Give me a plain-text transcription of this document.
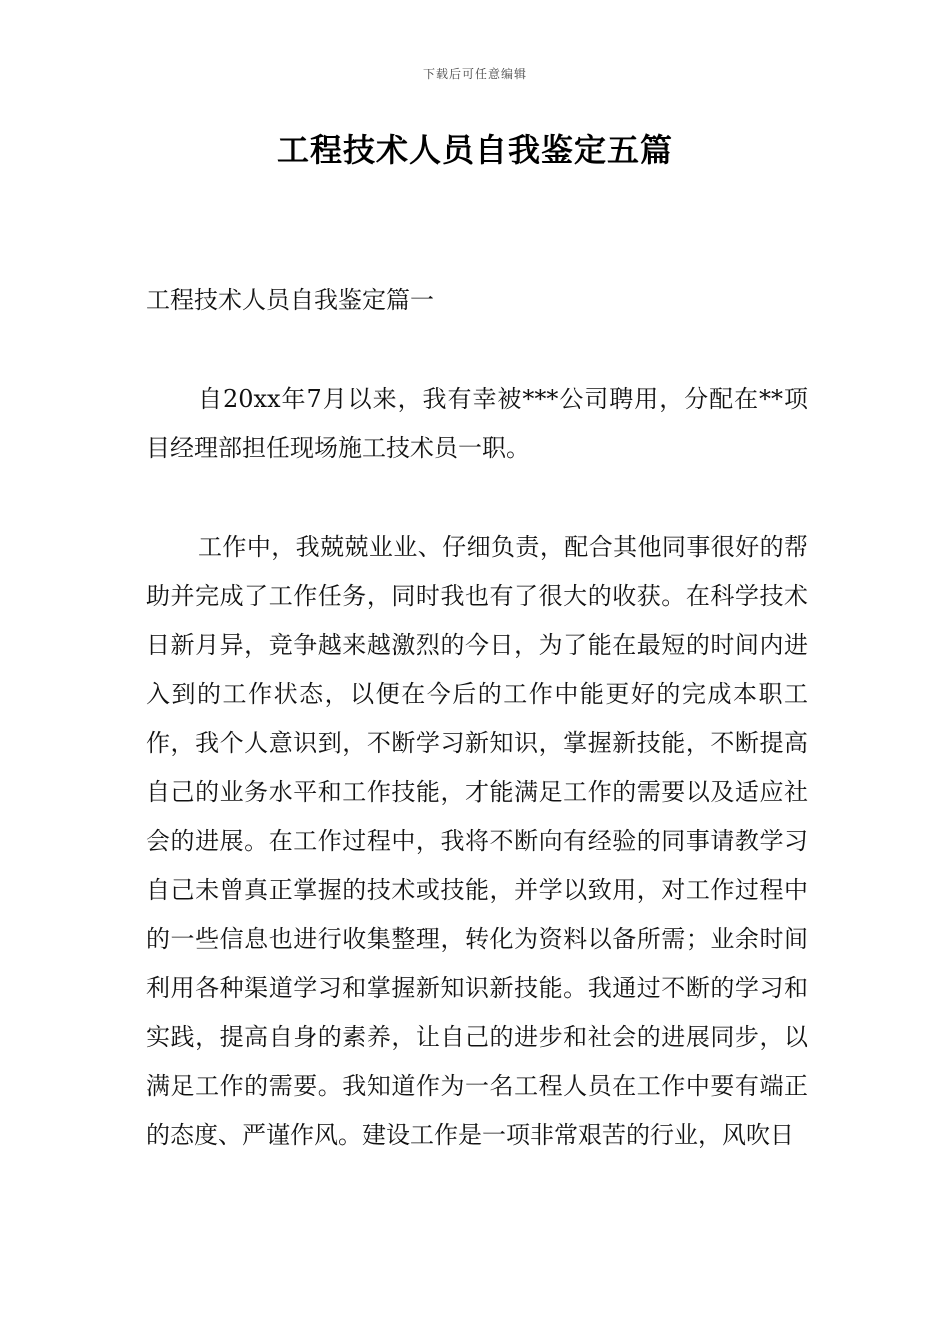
下载后可任意编辑
工程技术人员自我鉴定五篇
工程技术人员自我鉴定篇一

自20xx年7月以来，我有幸被***公司聘用，分配在**项目经理部担任现场施工技术员一职。

工作中，我兢兢业业、仔细负责，配合其他同事很好的帮助并完成了工作任务，同时我也有了很大的收获。在科学技术日新月异，竞争越来越激烈的今日，为了能在最短的时间内进入到的工作状态，以便在今后的工作中能更好的完成本职工作，我个人意识到，不断学习新知识，掌握新技能，不断提高自己的业务水平和工作技能，才能满足工作的需要以及适应社会的进展。在工作过程中，我将不断向有经验的同事请教学习自己未曾真正掌握的技术或技能，并学以致用，对工作过程中的一些信息也进行收集整理，转化为资料以备所需；业余时间利用各种渠道学习和掌握新知识新技能。我通过不断的学习和实践，提高自身的素养，让自己的进步和社会的进展同步，以满足工作的需要。我知道作为一名工程人员在工作中要有端正的态度、严谨作风。建设工作是一项非常艰苦的行业，风吹日
